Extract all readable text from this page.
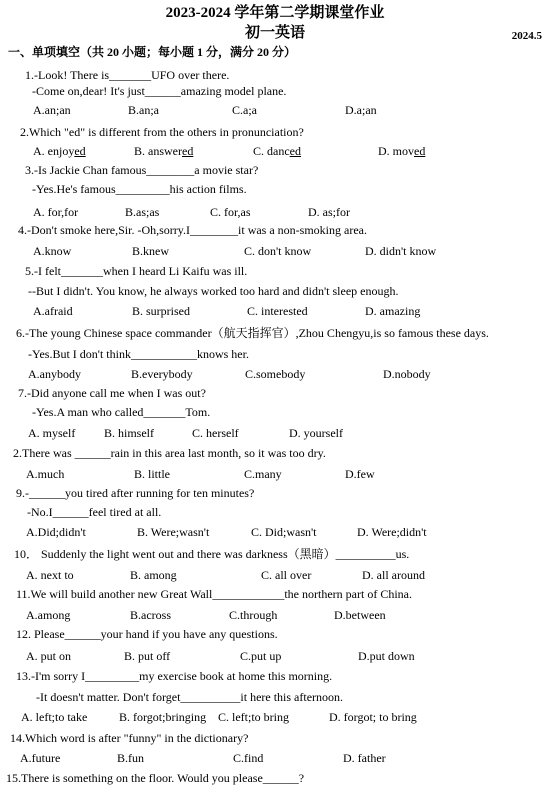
2023-2024 学年第二学期课堂作业
初一英语	2024.5
一、单项填空（共 20 小题；每小题 1 分，满分 20 分）
1.-Look! There is_______UFO over there.
-Come on,dear! It's just______amazing model plane.
A.an;an	B.an;a	C.a;a	D.a;an
2.Which "ed" is different from the others in pronunciation?
A. enjoyed	B. answered	C. danced	D. moved
3.-Is Jackie Chan famous________a movie star?
-Yes.He's famous_________his action films.
A. for,for	B.as;as	C. for,as	D. as;for
4.-Don't smoke here,Sir. -Oh,sorry.I________it was a non-smoking area.
A.know	B.knew	C. don't know	D. didn't know
5.-I felt_______when I heard Li Kaifu was ill.
--But I didn't. You know, he always worked too hard and didn't sleep enough.
A.afraid	B. surprised	C. interested	D. amazing
6.-The young Chinese space commander（航天指挥官）,Zhou Chengyu,is so famous these days.
-Yes.But I don't think___________knows her.
A.anybody	B.everybody	C.somebody	D.nobody
7.-Did anyone call me when I was out?
-Yes.A man who called_______Tom.
A. myself B. himself	C. herself	D. yourself
2.There was ______rain in this area last month, so it was too dry.
A.much	B. little	C.many	D.few
9.-______you tired after running for ten minutes?
-No.I______feel tired at all.
A.Did;didn't	B. Were;wasn't	C. Did;wasn't	D. Were;didn't
10． Suddenly the light went out and there was darkness（黑暗）__________us.
A. next to	B. among	C. all over	D. all around
11.We will build another new Great Wall____________the northern part of China.
A.among	B.across	C.through	D.between
12. Please______your hand if you have any questions.
A. put on	B. put off	C.put up	D.put down
13.-I'm sorry I_________my exercise book at home this morning.
-It doesn't matter. Don't forget__________it here this afternoon.
A. left;to take	B. forgot;bringing C. left;to bring	D. forgot; to bring
14.Which word is after "funny" in the dictionary?
A.future	B.fun	C.find	D. father
15.There is something on the floor. Would you please______?
